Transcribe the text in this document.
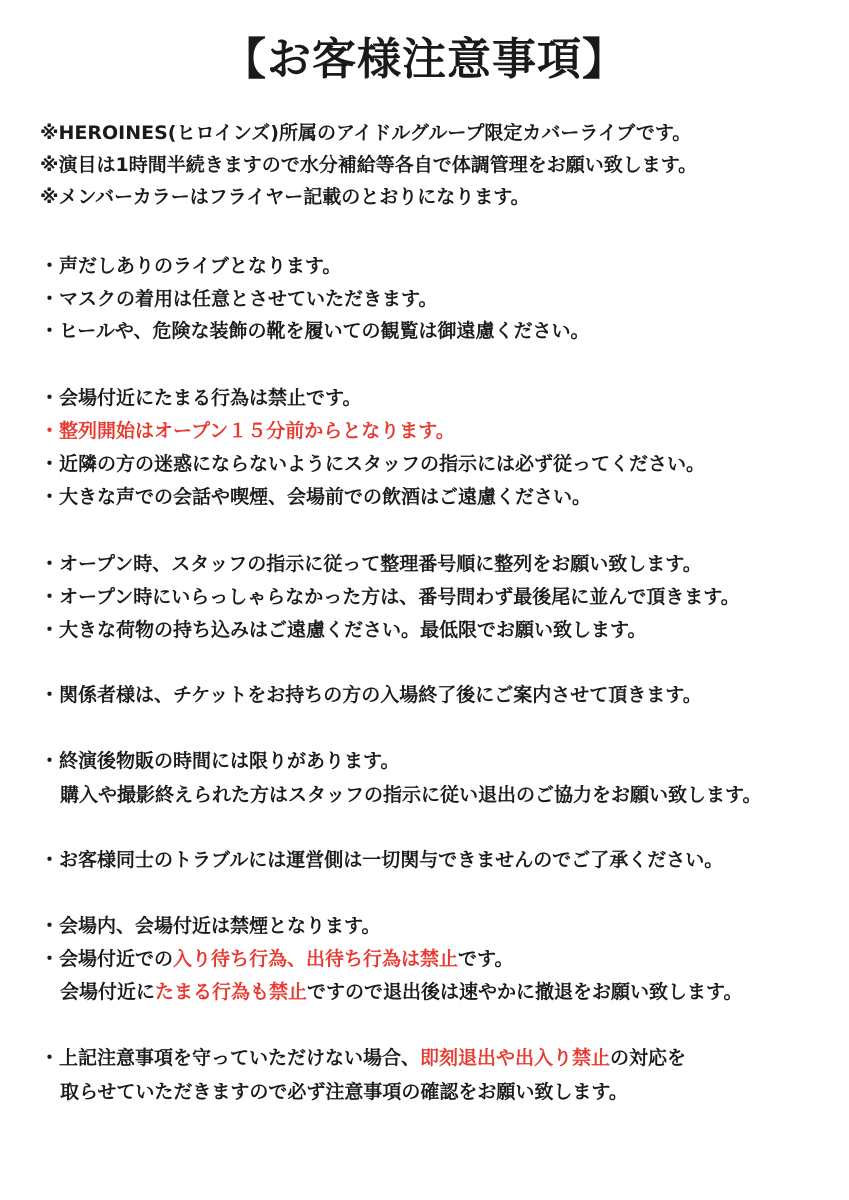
【お客様注意事項】
※HEROINES(ヒロインズ)所属のアイドルグループ限定カバーライブです。
※演目は1時間半続きますので水分補給等各自で体調管理をお願い致します。
※メンバーカラーはフライヤー記載のとおりになります。
・声だしありのライブとなります。
・マスクの着用は任意とさせていただきます。
・ヒールや、危険な装飾の靴を履いての観覧は御遠慮ください。
・会場付近にたまる行為は禁止です。
・整列開始はオープン１５分前からとなります。
・近隣の方の迷惑にならないようにスタッフの指示には必ず従ってください。
・大きな声での会話や喫煙、会場前での飲酒はご遠慮ください。
・オープン時、スタッフの指示に従って整理番号順に整列をお願い致します。
・オープン時にいらっしゃらなかった方は、番号問わず最後尾に並んで頂きます。
・大きな荷物の持ち込みはご遠慮ください。最低限でお願い致します。
・関係者様は、チケットをお持ちの方の入場終了後にご案内させて頂きます。
・終演後物販の時間には限りがあります。
購入や撮影終えられた方はスタッフの指示に従い退出のご協力をお願い致します。
・お客様同士のトラブルには運営側は一切関与できませんのでご了承ください。
・会場内、会場付近は禁煙となります。
・会場付近での入り待ち行為、出待ち行為は禁止です。
会場付近にたまる行為も禁止ですので退出後は速やかに撤退をお願い致します。
・上記注意事項を守っていただけない場合、即刻退出や出入り禁止の対応を
取らせていただきますので必ず注意事項の確認をお願い致します。
